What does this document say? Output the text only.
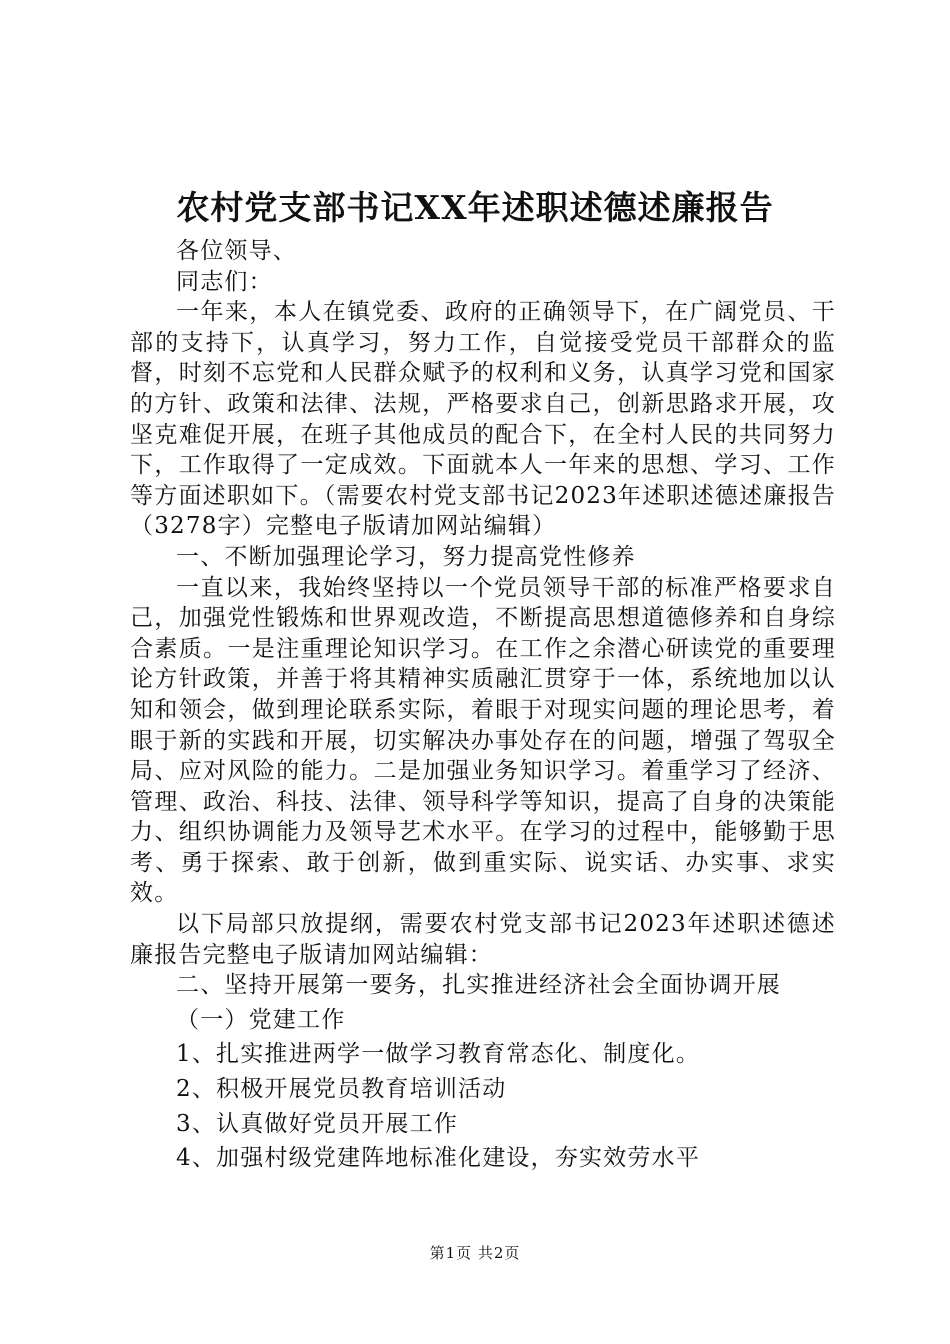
农村党支部书记XX年述职述德述廉报告

各位领导、

同志们：

一年来，本人在镇党委、政府的正确领导下，在广阔党员、干部的支持下，认真学习，努力工作，自觉接受党员干部群众的监督，时刻不忘党和人民群众赋予的权利和义务，认真学习党和国家的方针、政策和法律、法规，严格要求自己，创新思路求开展，攻坚克难促开展，在班子其他成员的配合下，在全村人民的共同努力下，工作取得了一定成效。下面就本人一年来的思想、学习、工作等方面述职如下。（需要农村党支部书记2023年述职述德述廉报告（3278字）完整电子版请加网站编辑）

一、不断加强理论学习，努力提高党性修养

一直以来，我始终坚持以一个党员领导干部的标准严格要求自己，加强党性锻炼和世界观改造，不断提高思想道德修养和自身综合素质。一是注重理论知识学习。在工作之余潜心研读党的重要理论方针政策，并善于将其精神实质融汇贯穿于一体，系统地加以认知和领会，做到理论联系实际，着眼于对现实问题的理论思考，着眼于新的实践和开展，切实解决办事处存在的问题，增强了驾驭全局、应对风险的能力。二是加强业务知识学习。着重学习了经济、管理、政治、科技、法律、领导科学等知识，提高了自身的决策能力、组织协调能力及领导艺术水平。在学习的过程中，能够勤于思考、勇于探索、敢于创新，做到重实际、说实话、办实事、求实效。

以下局部只放提纲，需要农村党支部书记2023年述职述德述廉报告完整电子版请加网站编辑：

二、坚持开展第一要务，扎实推进经济社会全面协调开展

（一）党建工作

1、扎实推进两学一做学习教育常态化、制度化。

2、积极开展党员教育培训活动

3、认真做好党员开展工作

4、加强村级党建阵地标准化建设，夯实效劳水平

第1页 共2页
